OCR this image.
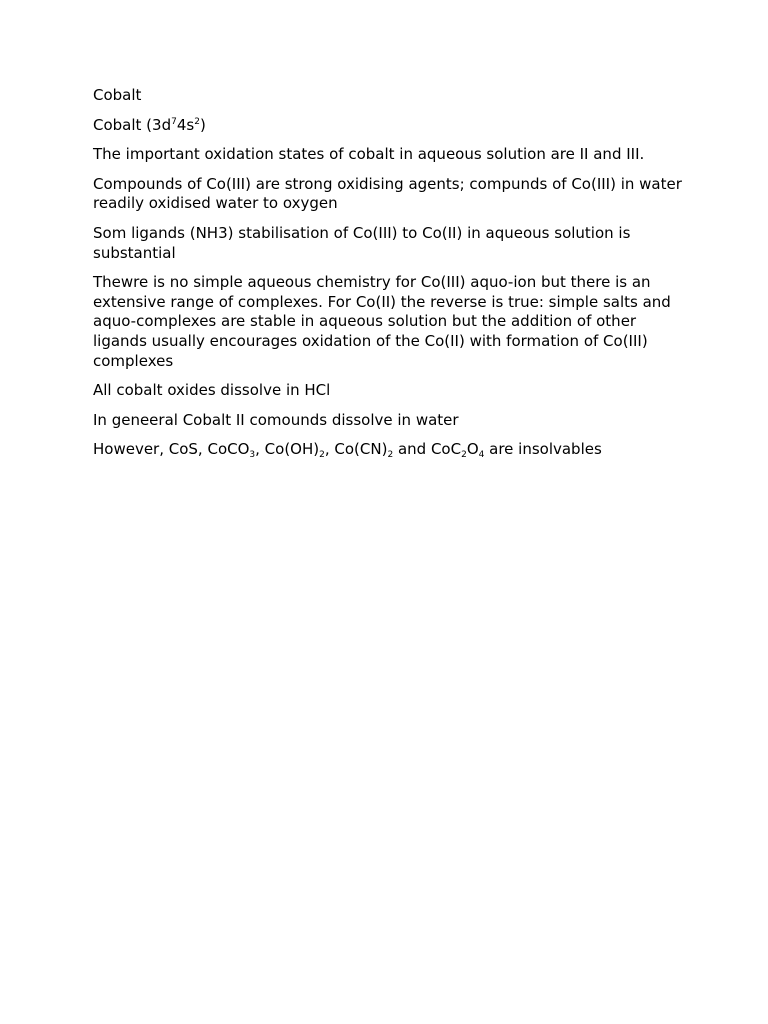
Cobalt

Cobalt $(3d^74s^2)$

The important oxidation states of cobalt in aqueous solution are II and III.

Compounds of Co(III) are strong oxidising agents; compunds of Co(III) in water readily oxidised water to oxygen

Som ligands (NH3) stabilisation of Co(III) to Co(II) in aqueous solution is substantial

Thewre is no simple aqueous chemistry for Co(III) aquo-ion but there is an extensive range of complexes. For Co(II) the reverse is true: simple salts and aquo-complexes are stable in aqueous solution but the addition of other ligands usually encourages oxidation of the Co(II) with formation of Co(III) complexes

All cobalt oxides dissolve in HCl

In geneeral Cobalt II comounds dissolve in water

However, CoS, CoCO$_3$, $Co(OH)_2$, $Co(CN)_2$ and $CoC_2O_4$ are insolvables
